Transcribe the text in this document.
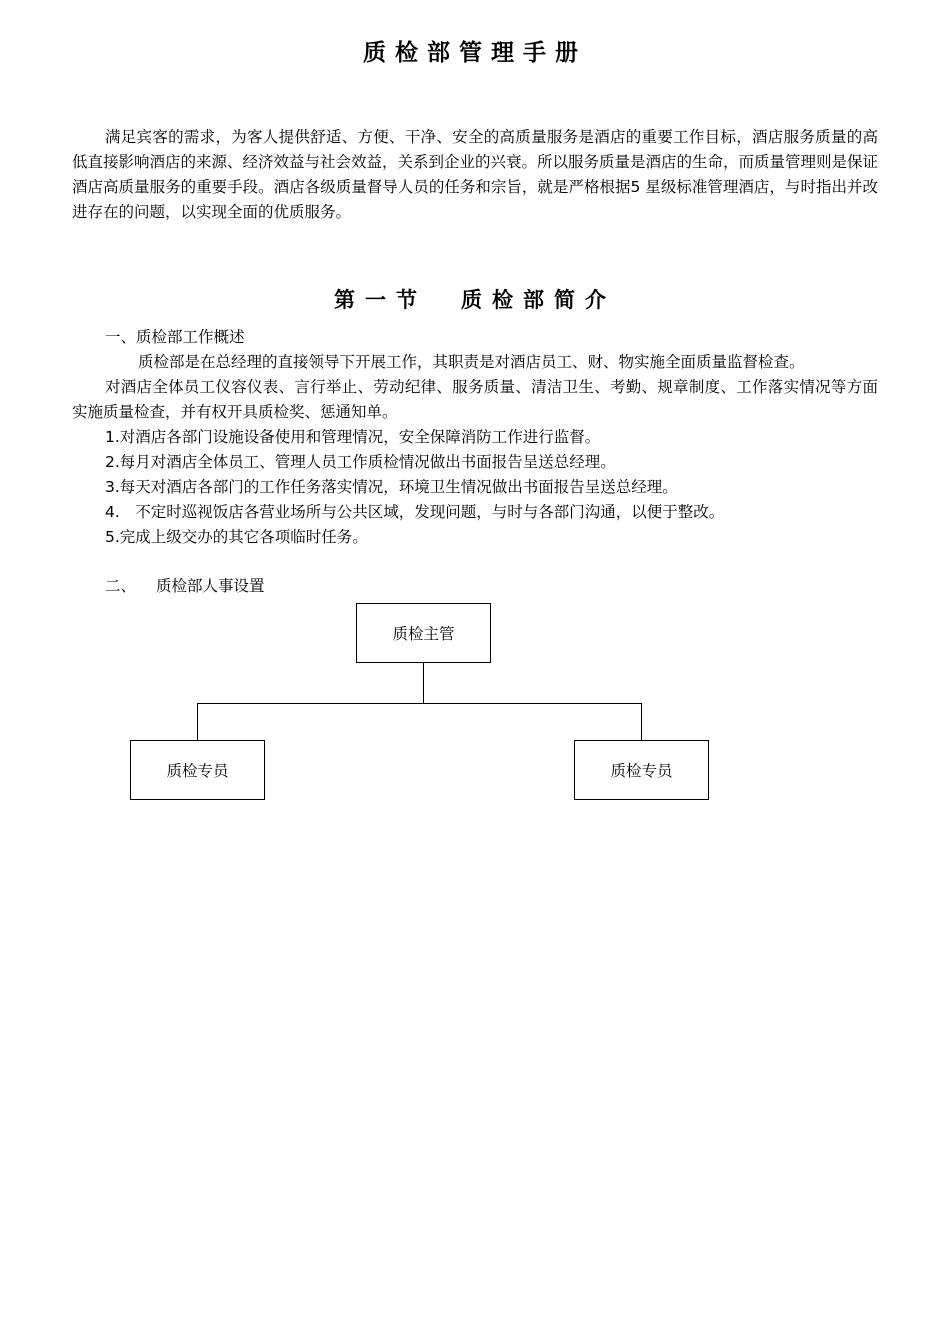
质检部管理手册

满足宾客的需求，为客人提供舒适、方便、干净、安全的高质量服务是酒店的重要工作目标，酒店服务质量的高低直接影响酒店的来源、经济效益与社会效益，关系到企业的兴衰。所以服务质量是酒店的生命，而质量管理则是保证酒店高质量服务的重要手段。酒店各级质量督导人员的任务和宗旨，就是严格根据5 星级标准管理酒店，与时指出并改进存在的问题，以实现全面的优质服务。

第一节 质检部简介

一、质检部工作概述

质检部是在总经理的直接领导下开展工作，其职责是对酒店员工、财、物实施全面质量监督检查。

对酒店全体员工仪容仪表、言行举止、劳动纪律、服务质量、清洁卫生、考勤、规章制度、工作落实情况等方面实施质量检查，并有权开具质检奖、惩通知单。

1.对酒店各部门设施设备使用和管理情况，安全保障消防工作进行监督。

2.每月对酒店全体员工、管理人员工作质检情况做出书面报告呈送总经理。

3.每天对酒店各部门的工作任务落实情况，环境卫生情况做出书面报告呈送总经理。

4.　不定时巡视饭店各营业场所与公共区域，发现问题，与时与各部门沟通，以便于整改。

5.完成上级交办的其它各项临时任务。

二、 质检部人事设置
质检主管
质检专员	质检专员
